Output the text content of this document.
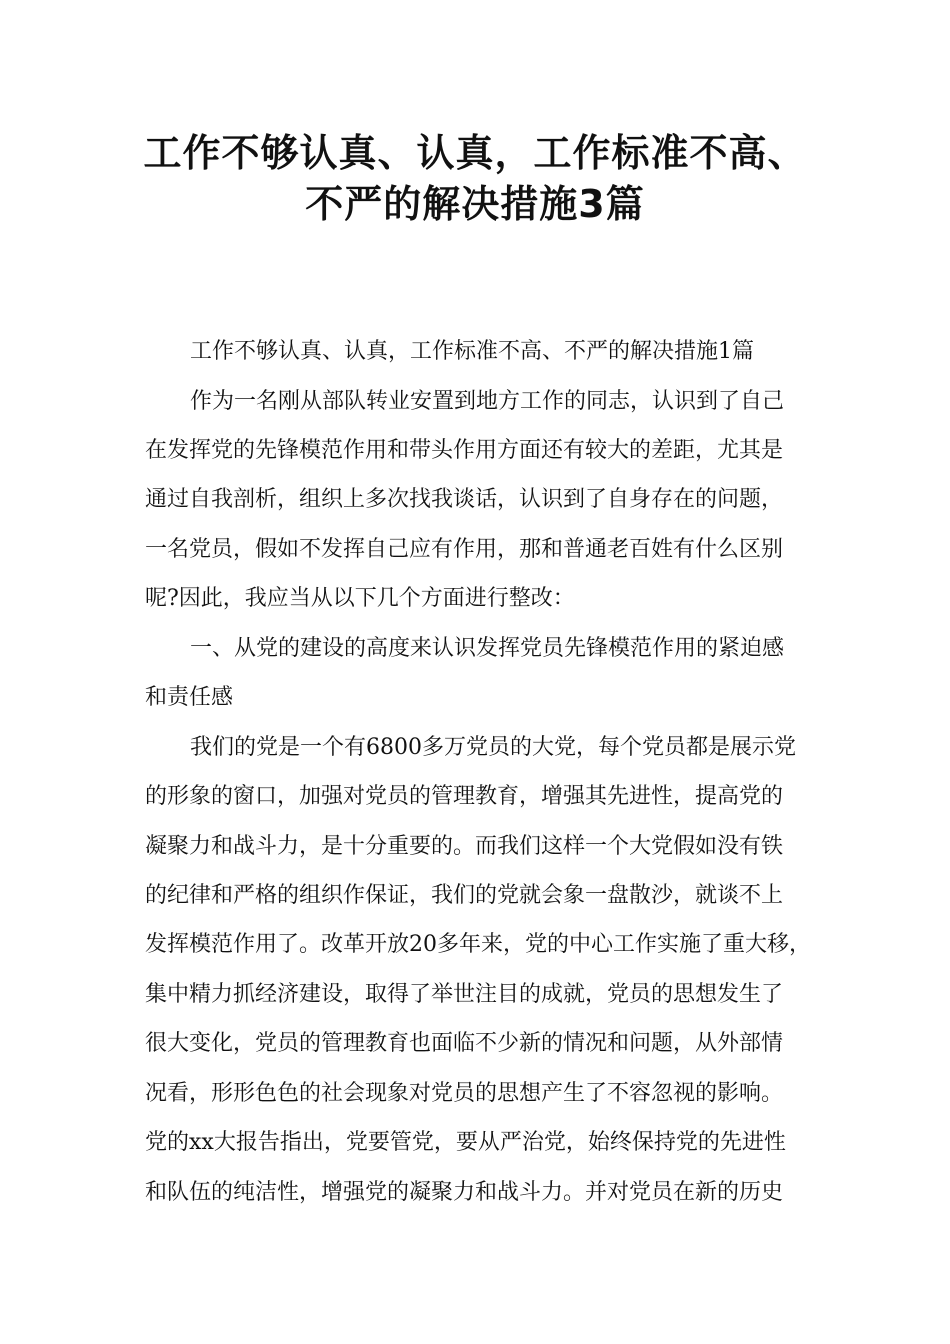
工作不够认真、认真，工作标准不高、
不严的解决措施3篇
工作不够认真、认真，工作标准不高、不严的解决措施1篇
作为一名刚从部队转业安置到地方工作的同志，认识到了自己
在发挥党的先锋模范作用和带头作用方面还有较大的差距，尤其是
通过自我剖析，组织上多次找我谈话，认识到了自身存在的问题，
一名党员，假如不发挥自己应有作用，那和普通老百姓有什么区别
呢?因此，我应当从以下几个方面进行整改：
一、从党的建设的高度来认识发挥党员先锋模范作用的紧迫感
和责任感
我们的党是一个有6800多万党员的大党，每个党员都是展示党
的形象的窗口，加强对党员的管理教育，增强其先进性，提高党的
凝聚力和战斗力，是十分重要的。而我们这样一个大党假如没有铁
的纪律和严格的组织作保证，我们的党就会象一盘散沙，就谈不上
发挥模范作用了。改革开放20多年来，党的中心工作实施了重大移，
集中精力抓经济建设，取得了举世注目的成就，党员的思想发生了
很大变化，党员的管理教育也面临不少新的情况和问题，从外部情
况看，形形色色的社会现象对党员的思想产生了不容忽视的影响。
党的xx大报告指出，党要管党，要从严治党，始终保持党的先进性
和队伍的纯洁性，增强党的凝聚力和战斗力。并对党员在新的历史
